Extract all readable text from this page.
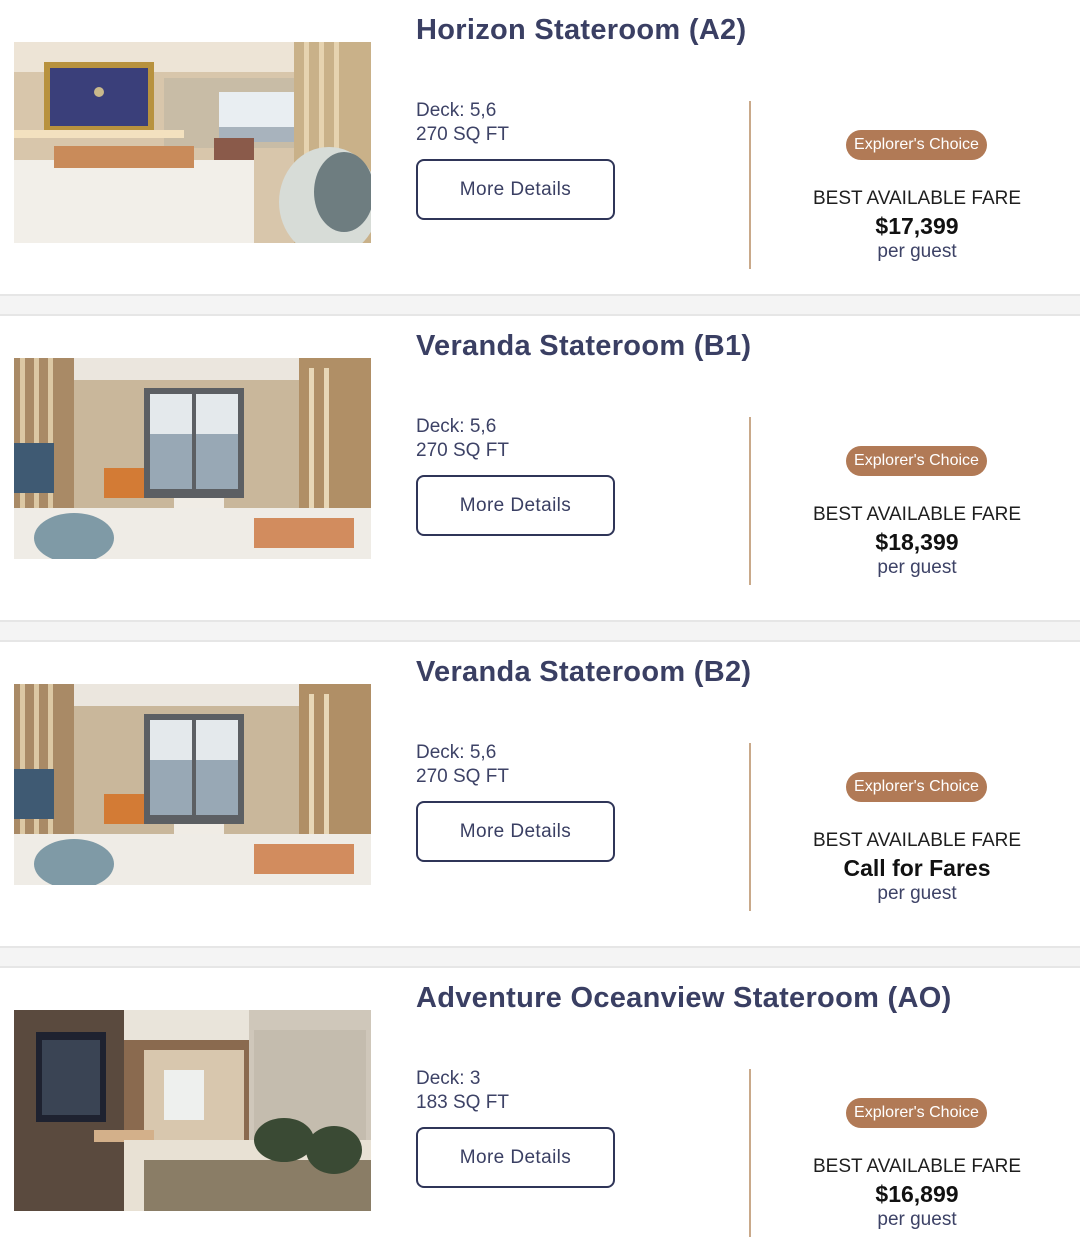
Horizon Stateroom (A2)
Deck: 5,6
270 SQ FT
More Details
Explorer's Choice
BEST AVAILABLE FARE
$17,399
per guest
Veranda Stateroom (B1)
Deck: 5,6
270 SQ FT
More Details
Explorer's Choice
BEST AVAILABLE FARE
$18,399
per guest
Veranda Stateroom (B2)
Deck: 5,6
270 SQ FT
More Details
Explorer's Choice
BEST AVAILABLE FARE
Call for Fares
per guest
Adventure Oceanview Stateroom (AO)
Deck: 3
183 SQ FT
More Details
Explorer's Choice
BEST AVAILABLE FARE
$16,899
per guest
